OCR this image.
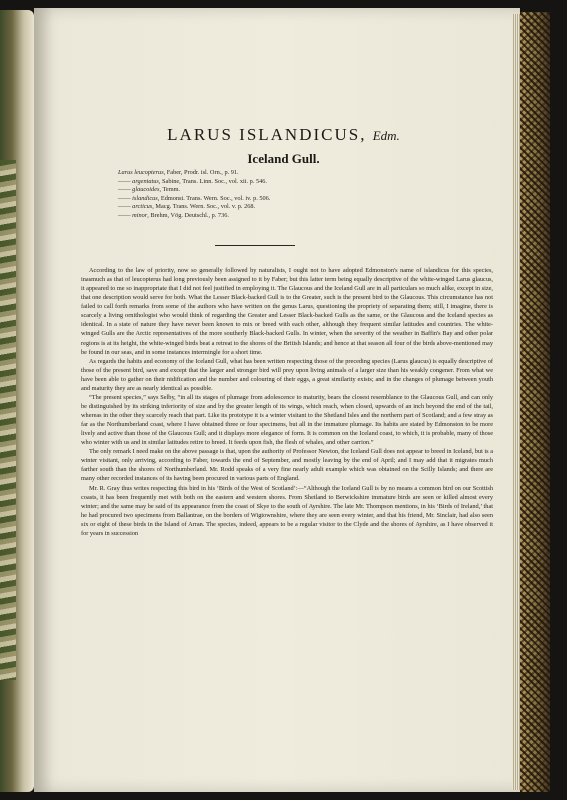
LARUS ISLANDICUS, Edm.
Iceland Gull.
Larus leucopterus, Faber, Prodr. isl. Orn., p. 91.
—— argentatus, Sabine, Trans. Linn. Soc., vol. xii. p. 546.
—— glaucoides, Temm.
—— islandicus, Edmonst. Trans. Wern. Soc., vol. iv. p. 506.
—— arcticus, Macg. Trans. Wern. Soc., vol. v. p. 268.
—— minor, Brehm, Vög. Deutschl., p. 736.

According to the law of priority, now so generally followed by naturalists, I ought not to have adopted Edmonston's name of islandicus for this species, inasmuch as that of leucopterus had long previously been assigned to it by Faber; but this latter term being equally descriptive of the white-winged Larus glaucus, it appeared to me so inappropriate that I did not feel justified in employing it. The Glaucous and the Iceland Gull are in all particulars so much alike, except in size, that one description would serve for both. What the Lesser Black-backed Gull is to the Greater, such is the present bird to the Glaucous. This circumstance has not failed to call forth remarks from some of the authors who have written on the genus Larus, questioning the propriety of separating them; still, I imagine, there is scarcely a living ornithologist who would think of regarding the Greater and Lesser Black-backed Gulls as the same, or the Glaucous and the Iceland species as identical. In a state of nature they have never been known to mix or breed with each other, although they frequent similar latitudes and countries. The white-winged Gulls are the Arctic representatives of the more southerly Black-backed Gulls. In winter, when the severity of the weather in Baffin's Bay and other polar regions is at its height, the white-winged birds beat a retreat to the shores of the British Islands; and hence at that season all four of the birds above-mentioned may be found in our seas, and in some instances intermingle for a short time.

As regards the habits and economy of the Iceland Gull, what has been written respecting those of the preceding species (Larus glaucus) is equally descriptive of those of the present bird, save and except that the larger and stronger bird will prey upon living animals of a larger size than his weakly congener. From what we have been able to gather on their nidification and the number and colouring of their eggs, a great similarity exists; and in the changes of plumage between youth and maturity they are as nearly identical as possible.

“The present species,” says Selby, “in all its stages of plumage from adolescence to maturity, bears the closest resemblance to the Glaucous Gull, and can only be distinguished by its striking inferiority of size and by the greater length of its wings, which reach, when closed, upwards of an inch beyond the end of the tail, whereas in the other they scarcely reach that part. Like its prototype it is a winter visitant to the Shetland Isles and the northern part of Scotland; and a few stray as far as the Northumberland coast, where I have obtained three or four specimens, but all in the immature plumage. Its habits are stated by Edmonston to be more lively and active than those of the Glaucous Gull; and it displays more elegance of form. It is common on the Iceland coast, to which, it is probable, many of those who winter with us and in similar latitudes retire to breed. It feeds upon fish, the flesh of whales, and other carrion.”

The only remark I need make on the above passage is that, upon the authority of Professor Newton, the Iceland Gull does not appear to breed in Iceland, but is a winter visitant, only arriving, according to Faber, towards the end of September, and mostly leaving by the end of April; and I may add that it migrates much farther south than the shores of Northumberland. Mr. Rodd speaks of a very fine nearly adult example which was obtained on the Scilly Islands; and there are many other recorded instances of its having been procured in various parts of England.

Mr. R. Gray thus writes respecting this bird in his ‘Birds of the West of Scotland’:—“Although the Iceland Gull is by no means a common bird on our Scottish coasts, it has been frequently met with both on the eastern and western shores. From Shetland to Berwickshire immature birds are seen or killed almost every winter; and the same may be said of its appearance from the coast of Skye to the south of Ayrshire. The late Mr. Thompson mentions, in his ‘Birds of Ireland,’ that he had procured two specimens from Ballantrae, on the borders of Wigtownshire, where they are seen every winter, and that his friend, Mr. Sinclair, had also seen six or eight of these birds in the Island of Arran. The species, indeed, appears to be a regular visitor to the Clyde and the shores of Ayrshire, as I have observed it for years in succession
